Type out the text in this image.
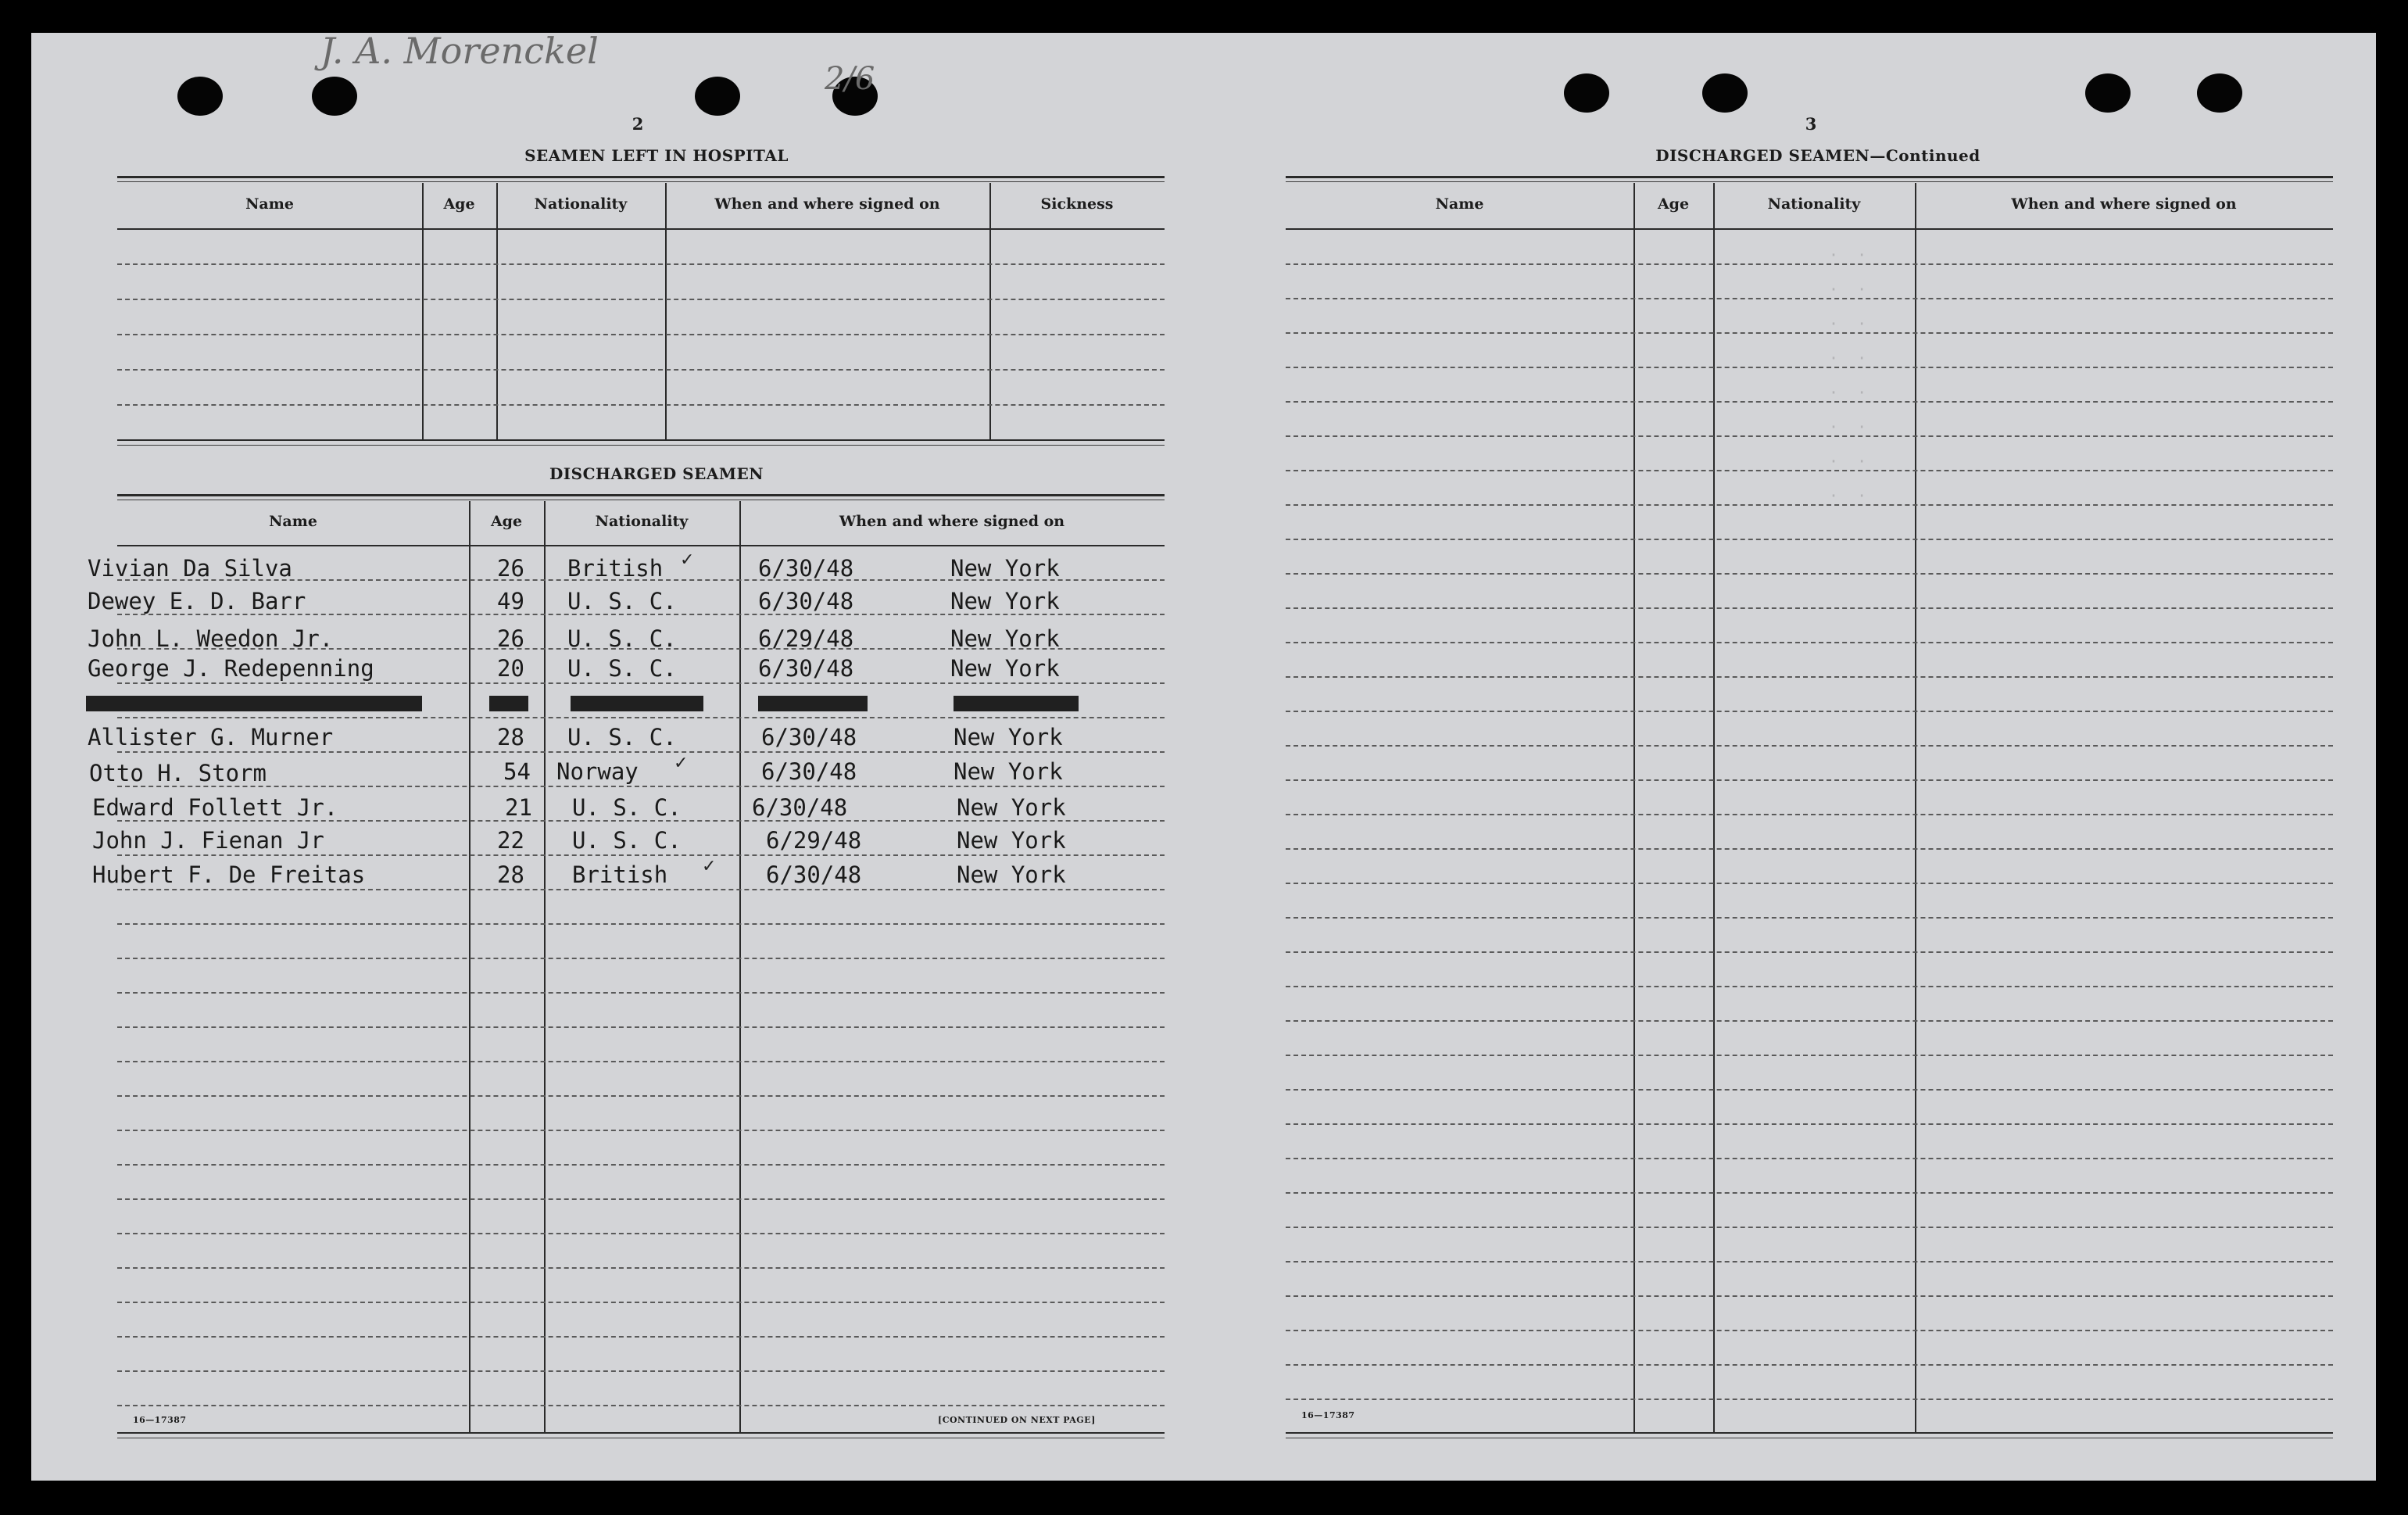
J. A. Morenckel
2/6
2
SEAMEN LEFT IN HOSPITAL
Name	Age	Nationality	When and where signed on	Sickness
DISCHARGED SEAMEN
Name	Age	Nationality	When and where signed on
Vivian Da Silva	26 British ✓	6/30/48	New York
Dewey E. D. Barr	49 U. S. C.	6/30/48	New York
John L. Weedon Jr.	26 U. S. C.	6/29/48	New York
George J. Redepenning	20 U. S. C.	6/30/48	New York
Allister G. Murner	28 U. S. C.	6/30/48	New York
Otto H. Storm	54 Norway ✓	6/30/48	New York
Edward Follett Jr.	21 U. S. C.	6/30/48	New York
John J. Fienan Jr	22 U. S. C.	6/29/48	New York
Hubert F. De Freitas	28 British ✓ 6/30/48	New York
16—17387	[CONTINUED ON NEXT PAGE]
3
DISCHARGED SEAMEN—Continued
Name	Age	Nationality	When and where signed on
·  ·
·  ·
·  ·
·  ·
·  ·
·  ·
·  ·
·  ·
16—17387
